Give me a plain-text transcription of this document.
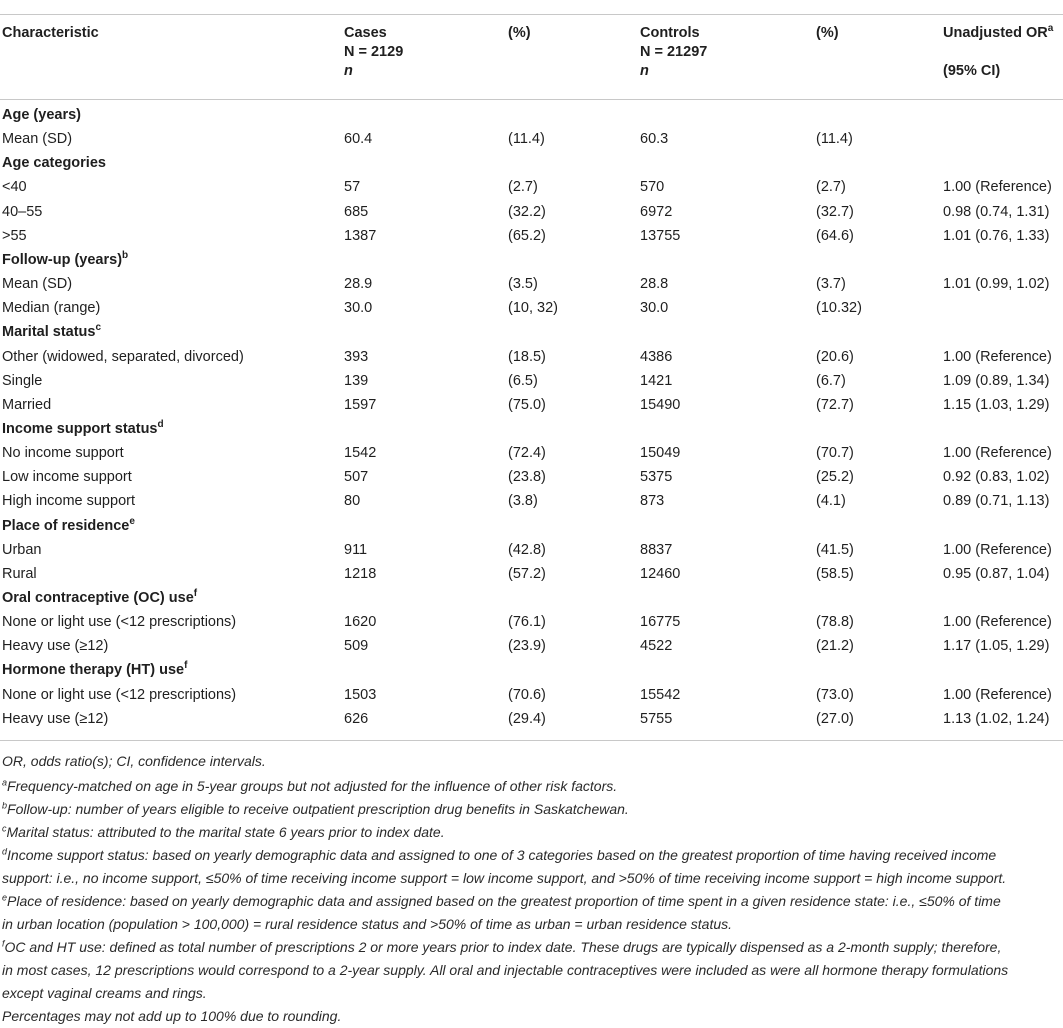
Characteristic	Cases
N = 2129
n
(%)	Controls
N = 21297
n
(%)	Unadjusted $OR^a$

(95% CI)
Age (years)
Mean (SD)	60.4	(11.4)	60.3	(11.4)
Age categories
<40	57	(2.7)	570	(2.7)	1.00 (Reference)
40–55	685	(32.2)	6972	(32.7)	0.98 (0.74, 1.31)
>55	1387	(65.2)	13755	(64.6)	1.01 (0.76, 1.33)
Follow-up (years)$^b$
Mean (SD)	28.9	(3.5)	28.8	(3.7)	1.01 (0.99, 1.02)
Median (range)	30.0	(10, 32)	30.0	(10.32)
Marital status$^c$
Other (widowed, separated, divorced)	393	(18.5)	4386	(20.6)	1.00 (Reference)
Single	139	(6.5)	1421	(6.7)	1.09 (0.89, 1.34)
Married	1597	(75.0)	15490	(72.7)	1.15 (1.03, 1.29)
Income support status$^d$
No income support	1542	(72.4)	15049	(70.7)	1.00 (Reference)
Low income support	507	(23.8)	5375	(25.2)	0.92 (0.83, 1.02)
High income support	80	(3.8)	873	(4.1)	0.89 (0.71, 1.13)
Place of residence$^e$
Urban	911	(42.8)	8837	(41.5)	1.00 (Reference)
Rural	1218	(57.2)	12460	(58.5)	0.95 (0.87, 1.04)
Oral contraceptive (OC) use$^f$
None or light use (<12 prescriptions)	1620	(76.1)	16775	(78.8)	1.00 (Reference)
Heavy use (≥12)	509	(23.9)	4522	(21.2)	1.17 (1.05, 1.29)
Hormone therapy (HT) use$^f$
None or light use (<12 prescriptions)	1503	(70.6)	15542	(73.0)	1.00 (Reference)
Heavy use (≥12)	626	(29.4)	5755	(27.0)	1.13 (1.02, 1.24)

OR, odds ratio(s); CI, confidence intervals.

$^a$Frequency-matched on age in 5-year groups but not adjusted for the influence of other risk factors.

$^b$Follow-up: number of years eligible to receive outpatient prescription drug benefits in Saskatchewan.

$^c$Marital status: attributed to the marital state 6 years prior to index date.

$^d$Income support status: based on yearly demographic data and assigned to one of 3 categories based on the greatest proportion of time having received income
support: i.e., no income support, ≤50% of time receiving income support = low income support, and >50% of time receiving income support = high income support.

$^e$Place of residence: based on yearly demographic data and assigned based on the greatest proportion of time spent in a given residence state: i.e., ≤50% of time
in urban location (population > 100,000) = rural residence status and >50% of time as urban = urban residence status.

$^f$OC and HT use: defined as total number of prescriptions 2 or more years prior to index date. These drugs are typically dispensed as a 2-month supply; therefore,
in most cases, 12 prescriptions would correspond to a 2-year supply. All oral and injectable contraceptives were included as were all hormone therapy formulations
except vaginal creams and rings.

Percentages may not add up to 100% due to rounding.
